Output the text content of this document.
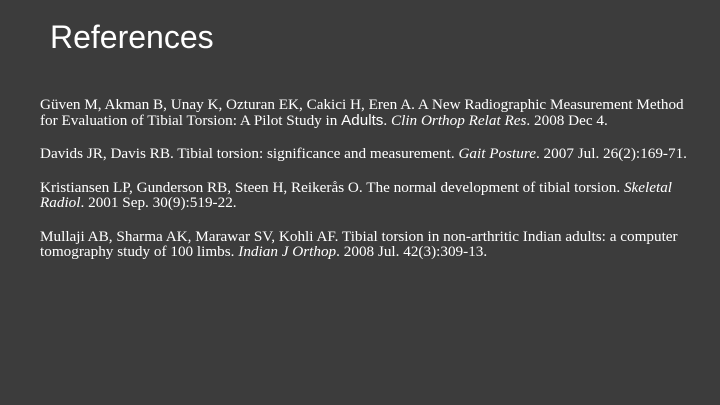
References

Güven M, Akman B, Unay K, Ozturan EK, Cakici H, Eren A. A New Radiographic Measurement Method for Evaluation of Tibial Torsion: A Pilot Study in Adults. Clin Orthop Relat Res. 2008 Dec 4.

Davids JR, Davis RB. Tibial torsion: significance and measurement. Gait Posture. 2007 Jul. 26(2):169-71.

Kristiansen LP, Gunderson RB, Steen H, Reikerås O. The normal development of tibial torsion. Skeletal Radiol. 2001 Sep. 30(9):519-22.

Mullaji AB, Sharma AK, Marawar SV, Kohli AF. Tibial torsion in non-arthritic Indian adults: a computer tomography study of 100 limbs. Indian J Orthop. 2008 Jul. 42(3):309-13.
